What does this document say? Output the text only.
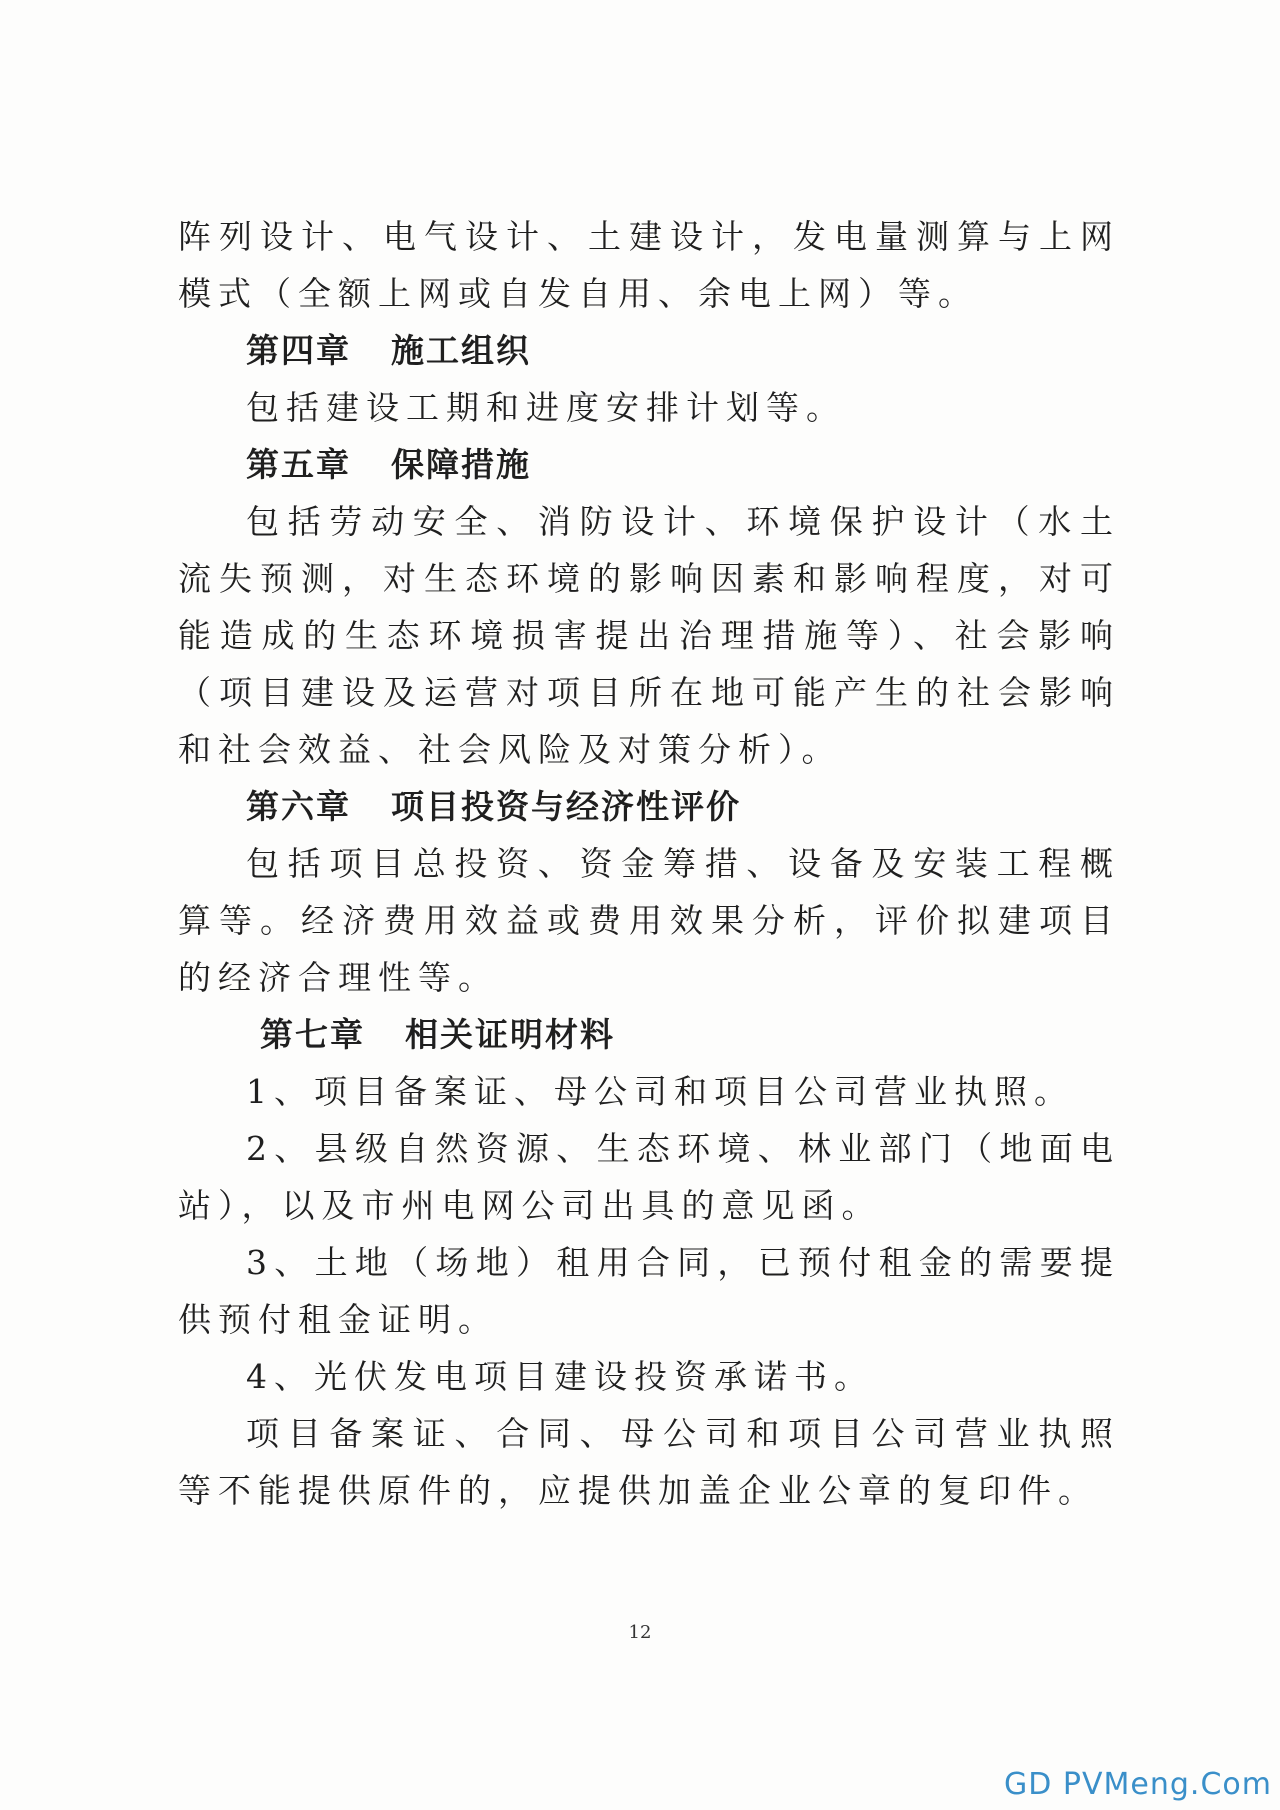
阵列设计、电气设计、土建设计，发电量测算与上网模式（全额上网或自发自用、余电上网）等。

第四章 施工组织

包括建设工期和进度安排计划等。

第五章 保障措施

包括劳动安全、消防设计、环境保护设计（水土流失预测，对生态环境的影响因素和影响程度，对可能造成的生态环境损害提出治理措施等）、社会影响（项目建设及运营对项目所在地可能产生的社会影响和社会效益、社会风险及对策分析）。

第六章 项目投资与经济性评价

包括项目总投资、资金筹措、设备及安装工程概算等。经济费用效益或费用效果分析，评价拟建项目的经济合理性等。

第七章 相关证明材料

1、项目备案证、母公司和项目公司营业执照。

2、县级自然资源、生态环境、林业部门（地面电站），以及市州电网公司出具的意见函。

3、土地（场地）租用合同，已预付租金的需要提供预付租金证明。

4、光伏发电项目建设投资承诺书。

项目备案证、合同、母公司和项目公司营业执照等不能提供原件的，应提供加盖企业公章的复印件。

12
GD PVMeng.Com
